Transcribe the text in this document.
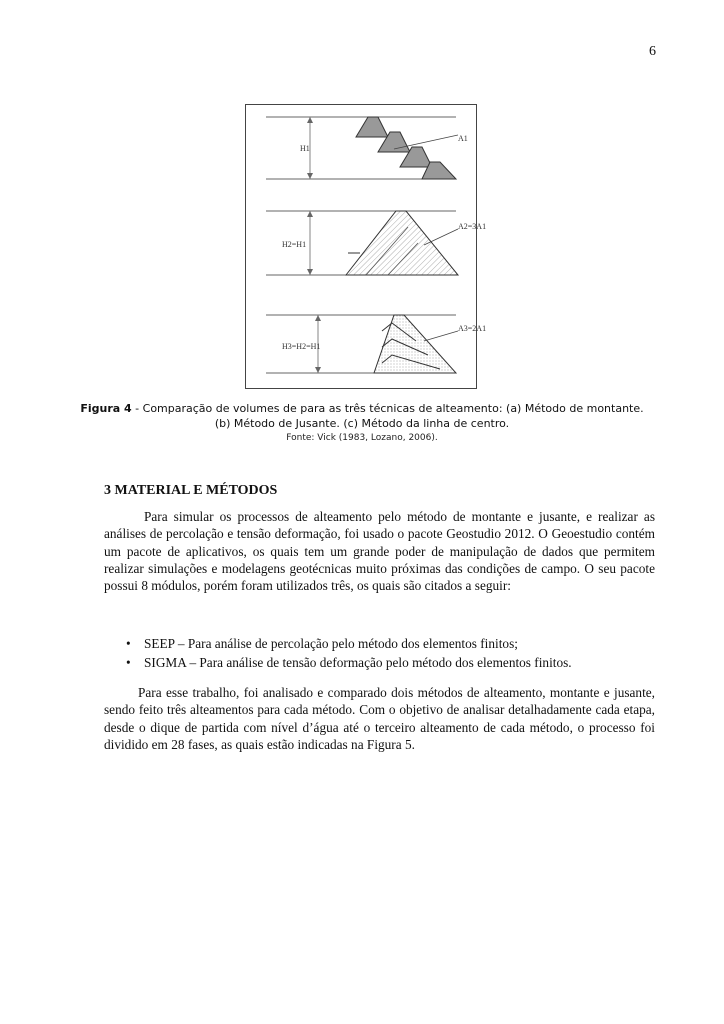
6
H1
A1
H2=H1
A2=3A1
H3=H2=H1
A3=2A1
Figura 4 - Comparação de volumes de para as três técnicas de alteamento: (a) Método de montante.
(b) Método de Jusante. (c) Método da linha de centro.
Fonte: Vick (1983, Lozano, 2006).
3 MATERIAL E MÉTODOS

Para simular os processos de alteamento pelo método de montante e jusante, e realizar as análises de percolação e tensão deformação, foi usado o pacote Geostudio 2012. O Geoestudio contém um pacote de aplicativos, os quais tem um grande poder de manipulação de dados que permitem realizar simulações e modelagens geotécnicas muito próximas das condições de campo. O seu pacote possui 8 módulos, porém foram utilizados três, os quais são citados a seguir:

• SEEP – Para análise de percolação pelo método dos elementos finitos;
• SIGMA – Para análise de tensão deformação pelo método dos elementos finitos.

Para esse trabalho, foi analisado e comparado dois métodos de alteamento, montante e jusante, sendo feito três alteamentos para cada método. Com o objetivo de analisar detalhadamente cada etapa, desde o dique de partida com nível d’água até o terceiro alteamento de cada método, o processo foi dividido em 28 fases, as quais estão indicadas na Figura 5.
